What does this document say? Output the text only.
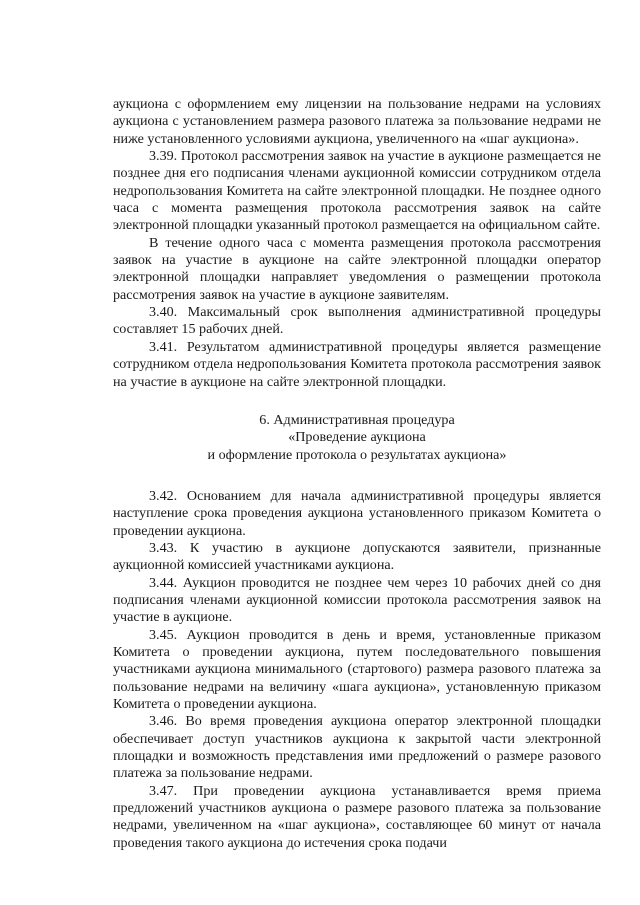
аукциона с оформлением ему лицензии на пользование недрами на условиях аукциона с установлением размера разового платежа за пользование недрами не ниже установленного условиями аукциона, увеличенного на «шаг аукциона».

3.39. Протокол рассмотрения заявок на участие в аукционе размещается не позднее дня его подписания членами аукционной комиссии сотрудником отдела недропользования Комитета на сайте электронной площадки. Не позднее одного часа с момента размещения протокола рассмотрения заявок на сайте электронной площадки указанный протокол размещается на официальном сайте.

В течение одного часа с момента размещения протокола рассмотрения заявок на участие в аукционе на сайте электронной площадки оператор электронной площадки направляет уведомления о размещении протокола рассмотрения заявок на участие в аукционе заявителям.

3.40. Максимальный срок выполнения административной процедуры составляет 15 рабочих дней.

3.41. Результатом административной процедуры является размещение сотрудником отдела недропользования Комитета протокола рассмотрения заявок на участие в аукционе на сайте электронной площадки.

6. Административная процедура
«Проведение аукциона
и оформление протокола о результатах аукциона»

3.42. Основанием для начала административной процедуры является наступление срока проведения аукциона установленного приказом Комитета о проведении аукциона.

3.43. К участию в аукционе допускаются заявители, признанные аукционной комиссией участниками аукциона.

3.44. Аукцион проводится не позднее чем через 10 рабочих дней со дня подписания членами аукционной комиссии протокола рассмотрения заявок на участие в аукционе.

3.45. Аукцион проводится в день и время, установленные приказом Комитета о проведении аукциона, путем последовательного повышения участниками аукциона минимального (стартового) размера разового платежа за пользование недрами на величину «шага аукциона», установленную приказом Комитета о проведении аукциона.

3.46. Во время проведения аукциона оператор электронной площадки обеспечивает доступ участников аукциона к закрытой части электронной площадки и возможность представления ими предложений о размере разового платежа за пользование недрами.

3.47. При проведении аукциона устанавливается время приема предложений участников аукциона о размере разового платежа за пользование недрами, увеличенном на «шаг аукциона», составляющее 60 минут от начала проведения такого аукциона до истечения срока подачи
